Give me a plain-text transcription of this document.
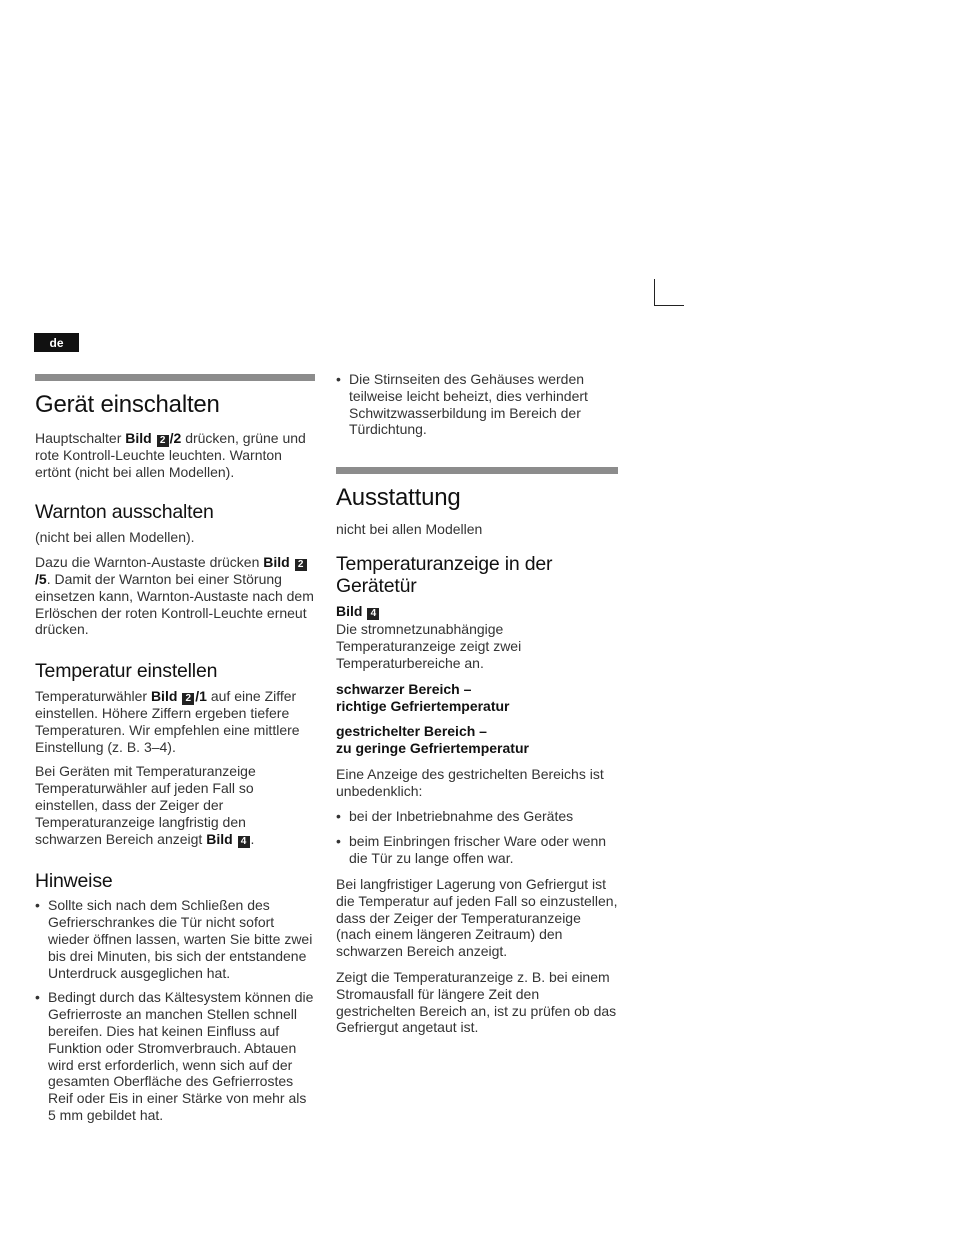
de
Gerät einschalten

Hauptschalter Bild 2 /2 drücken, grüne und rote Kontroll-Leuchte leuchten. Warnton ertönt (nicht bei allen Modellen).

Warnton ausschalten

(nicht bei allen Modellen).

Dazu die Warnton-Austaste drücken Bild 2/5. Damit der Warnton bei einer Störung einsetzen kann, Warnton-Austaste nach dem Erlöschen der roten Kontroll-Leuchte erneut drücken.

Temperatur einstellen

Temperaturwähler Bild 2 /1 auf eine Ziffer einstellen. Höhere Ziffern ergeben tiefere Temperaturen. Wir empfehlen eine mittlere Einstellung (z. B. 3–4).

Bei Geräten mit Temperaturanzeige Temperaturwähler auf jeden Fall so einstellen, dass der Zeiger der Temperaturanzeige langfristig den schwarzen Bereich anzeigt Bild 4 .

Hinweise
• Sollte sich nach dem Schließen des Gefrierschrankes die Tür nicht sofort wieder öffnen lassen, warten Sie bitte zwei bis drei Minuten, bis sich der entstandene Unterdruck ausgeglichen hat.
• Bedingt durch das Kältesystem können die Gefrierroste an manchen Stellen schnell bereifen. Dies hat keinen Einfluss auf Funktion oder Stromverbrauch. Abtauen wird erst erforderlich, wenn sich auf der gesamten Oberfläche des Gefrierrostes Reif oder Eis in einer Stärke von mehr als 5 mm gebildet hat.
• Die Stirnseiten des Gehäuses werden teilweise leicht beheizt, dies verhindert Schwitzwasserbildung im Bereich der Türdichtung.
Ausstattung

nicht bei allen Modellen

Temperaturanzeige in der Gerätetür

Bild 4

Die stromnetzunabhängige Temperaturanzeige zeigt zwei Temperaturbereiche an.

schwarzer Bereich –
richtige Gefriertemperatur

gestrichelter Bereich –
zu geringe Gefriertemperatur

Eine Anzeige des gestrichelten Bereichs ist unbedenklich:

• bei der Inbetriebnahme des Gerätes
• beim Einbringen frischer Ware oder wenn die Tür zu lange offen war.

Bei langfristiger Lagerung von Gefriergut ist die Temperatur auf jeden Fall so einzustellen, dass der Zeiger der Temperaturanzeige (nach einem längeren Zeitraum) den schwarzen Bereich anzeigt.

Zeigt die Temperaturanzeige z. B. bei einem Stromausfall für längere Zeit den gestrichelten Bereich an, ist zu prüfen ob das Gefriergut angetaut ist.
